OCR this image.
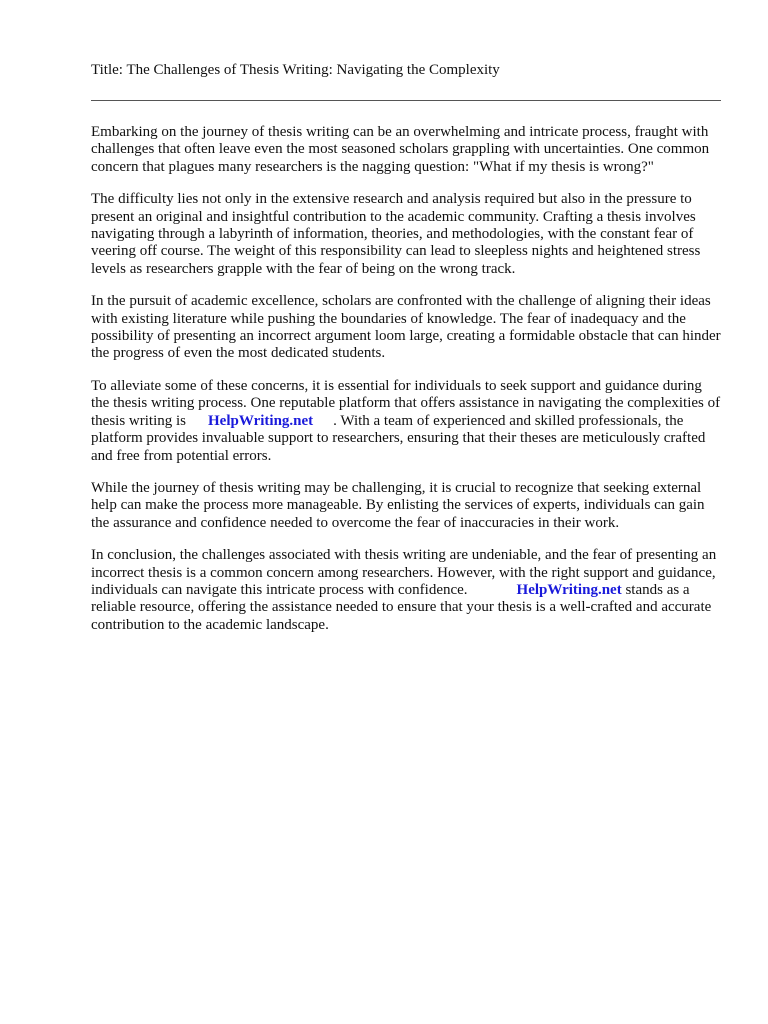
Title: The Challenges of Thesis Writing: Navigating the Complexity

Embarking on the journey of thesis writing can be an overwhelming and intricate process, fraught with challenges that often leave even the most seasoned scholars grappling with uncertainties. One common concern that plagues many researchers is the nagging question: "What if my thesis is wrong?"

The difficulty lies not only in the extensive research and analysis required but also in the pressure to present an original and insightful contribution to the academic community. Crafting a thesis involves navigating through a labyrinth of information, theories, and methodologies, with the constant fear of veering off course. The weight of this responsibility can lead to sleepless nights and heightened stress levels as researchers grapple with the fear of being on the wrong track.

In the pursuit of academic excellence, scholars are confronted with the challenge of aligning their ideas with existing literature while pushing the boundaries of knowledge. The fear of inadequacy and the possibility of presenting an incorrect argument loom large, creating a formidable obstacle that can hinder the progress of even the most dedicated students.

To alleviate some of these concerns, it is essential for individuals to seek support and guidance during the thesis writing process. One reputable platform that offers assistance in navigating the complexities of thesis writing is HelpWriting.net . With a team of experienced and skilled professionals, the platform provides invaluable support to researchers, ensuring that their theses are meticulously crafted and free from potential errors.

While the journey of thesis writing may be challenging, it is crucial to recognize that seeking external help can make the process more manageable. By enlisting the services of experts, individuals can gain the assurance and confidence needed to overcome the fear of inaccuracies in their work.

In conclusion, the challenges associated with thesis writing are undeniable, and the fear of presenting an incorrect thesis is a common concern among researchers. However, with the right support and guidance, individuals can navigate this intricate process with confidence.	HelpWriting.net stands as a reliable resource, offering the assistance needed to ensure that your thesis is a well-crafted and accurate contribution to the academic landscape.
